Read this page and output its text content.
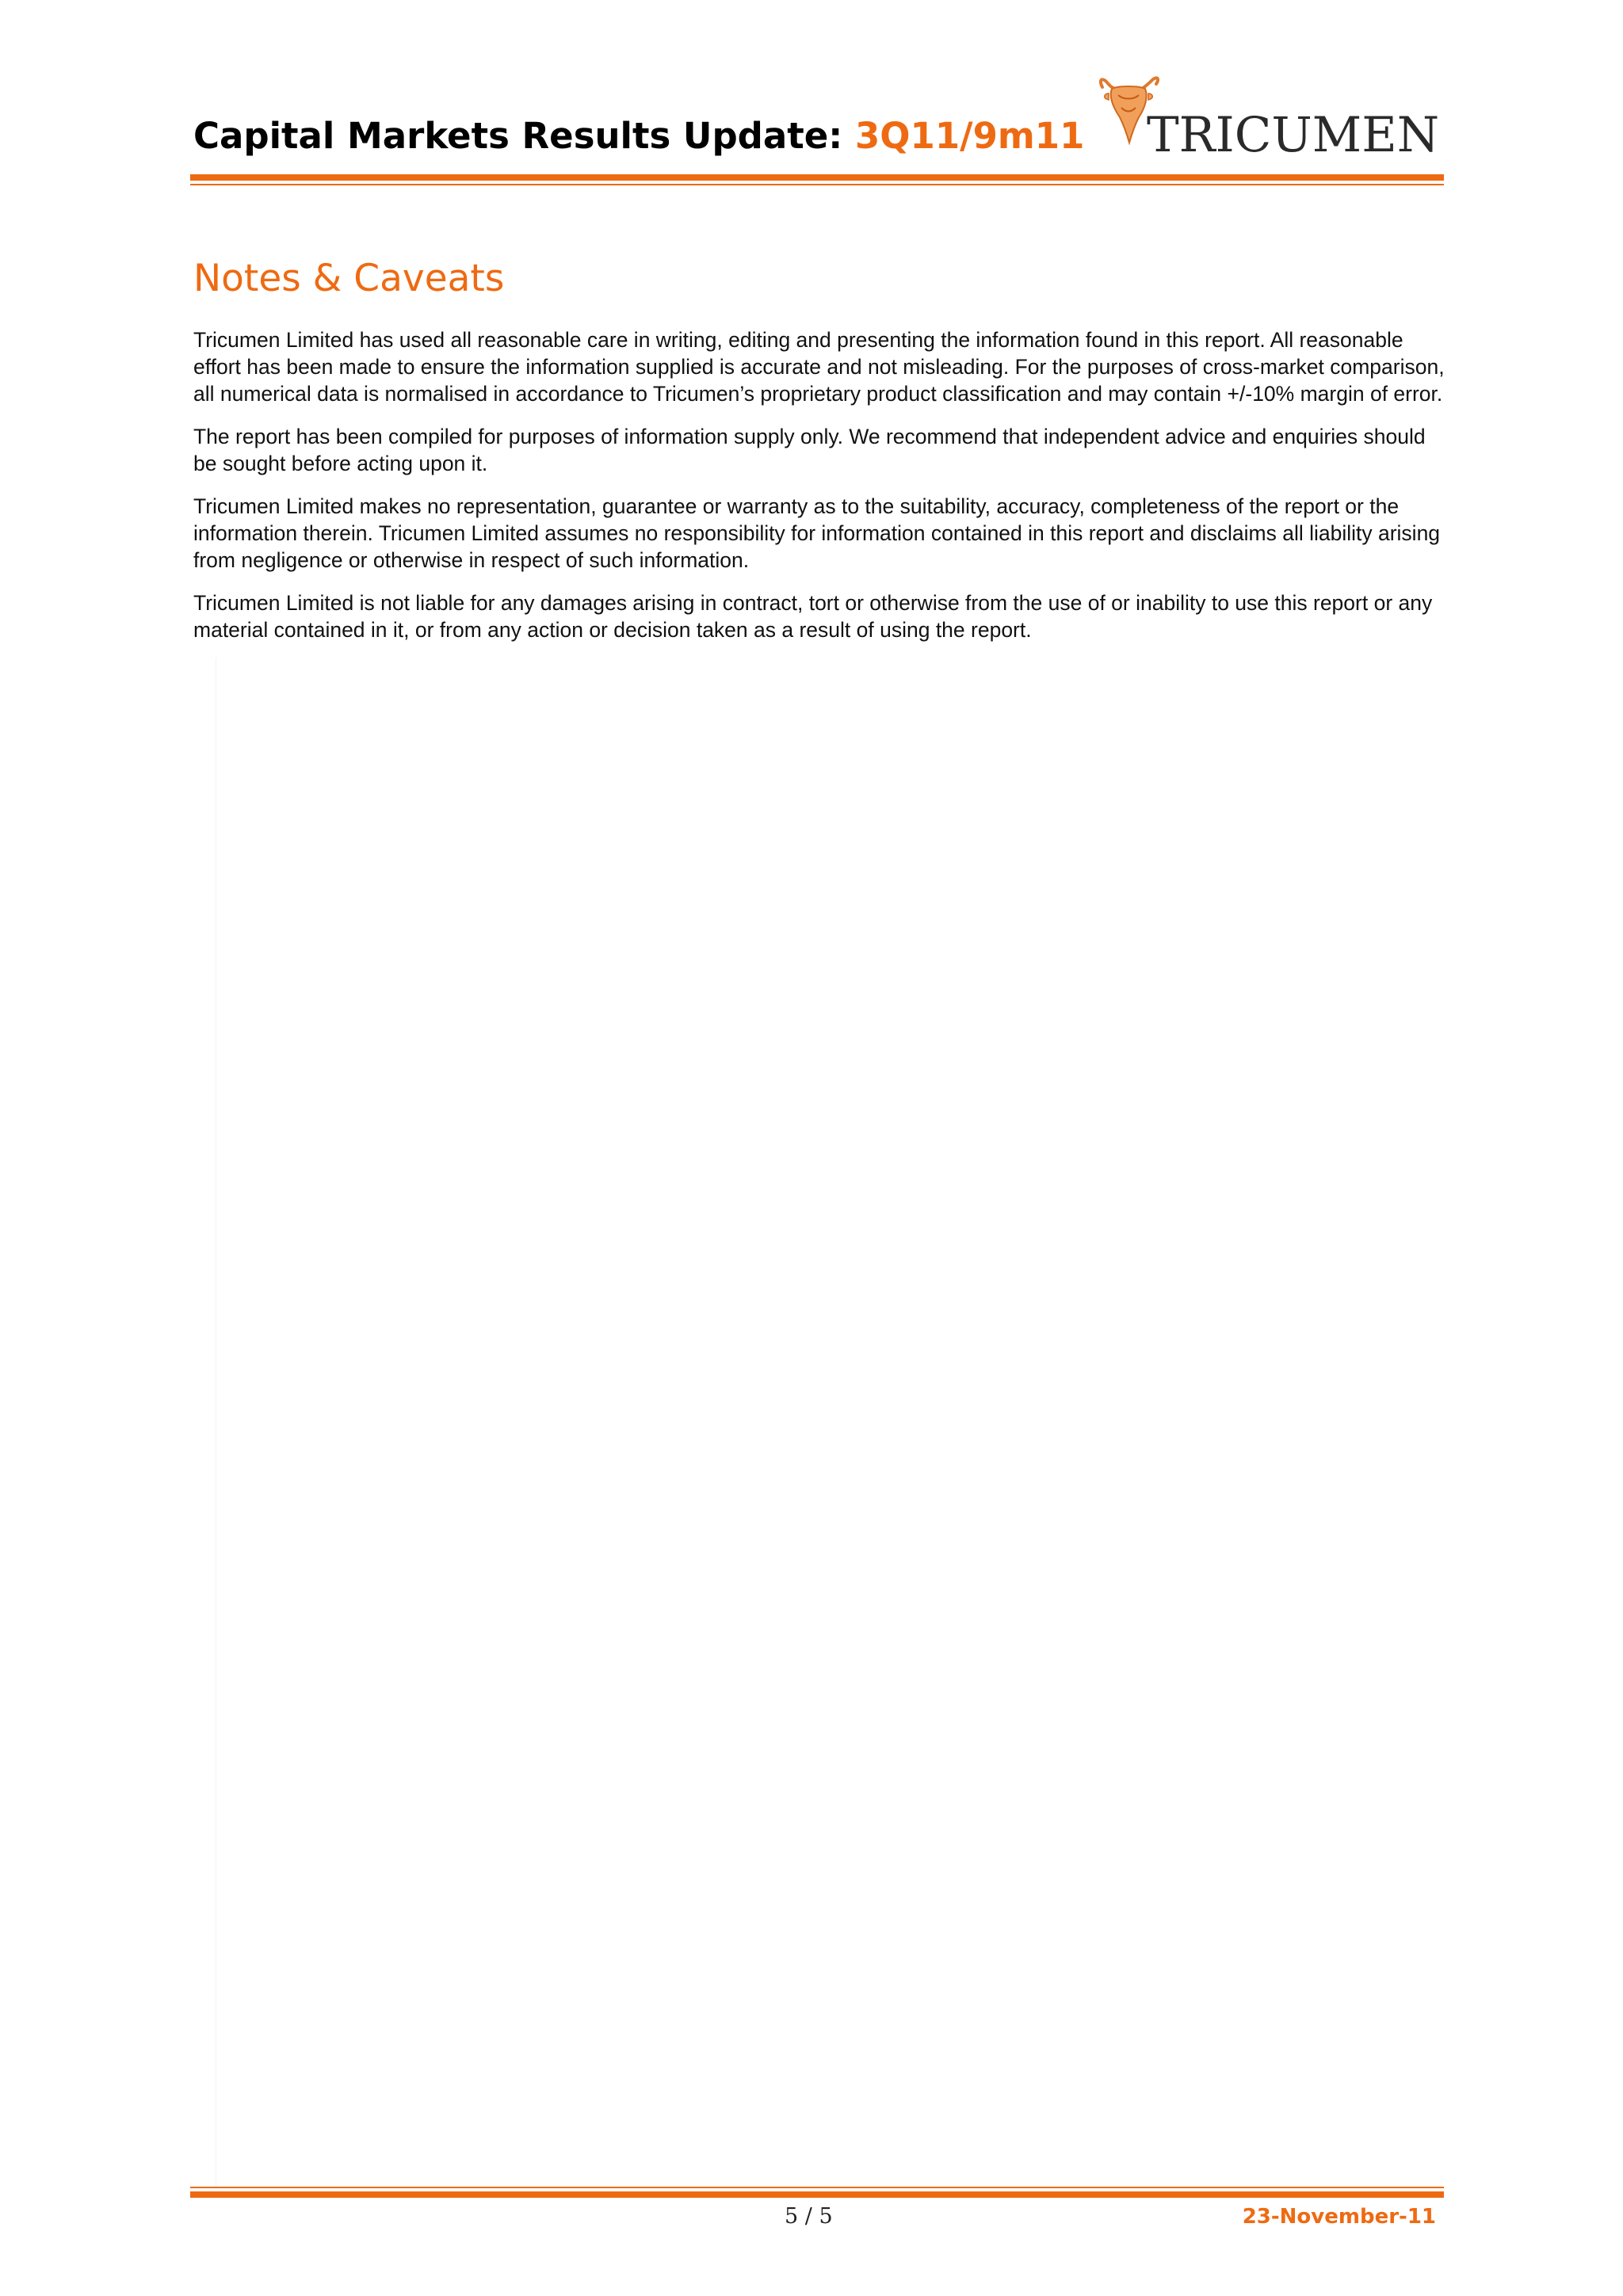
Capital Markets Results Update: 3Q11/9m11 TRICUMEN
Notes & Caveats

Tricumen Limited has used all reasonable care in writing, editing and presenting the information found in this report. All reasonable effort has been made to ensure the information supplied is accurate and not misleading. For the purposes of cross-market comparison, all numerical data is normalised in accordance to Tricumen’s proprietary product classification and may contain +/-10% margin of error.

The report has been compiled for purposes of information supply only. We recommend that independent advice and enquiries should be sought before acting upon it.

Tricumen Limited makes no representation, guarantee or warranty as to the suitability, accuracy, completeness of the report or the information therein. Tricumen Limited assumes no responsibility for information contained in this report and disclaims all liability arising from negligence or otherwise in respect of such information.

Tricumen Limited is not liable for any damages arising in contract, tort or otherwise from the use of or inability to use this report or any material contained in it, or from any action or decision taken as a result of using the report.

5 / 5	23-November-11
